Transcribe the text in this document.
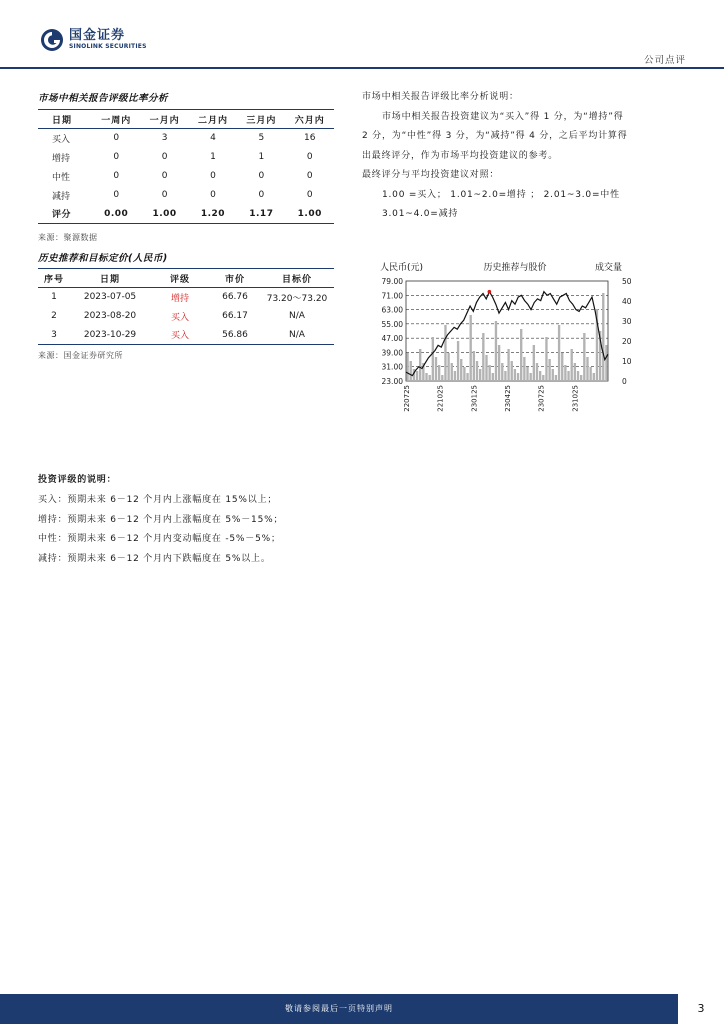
国金证券
SINOLINK SECURITIES
公司点评
市场中相关报告评级比率分析
日期	一周内	一月内	二月内	三月内	六月内
买入	0	3	4	5	16
增持	0	0	1	1	0
中性	0	0	0	0	0
减持	0	0	0	0	0
评分	0.00	1.00	1.20	1.17	1.00
来源：聚源数据

市场中相关报告评级比率分析说明：

市场中相关报告投资建议为“买入”得 1 分，为“增持”得

2 分，为“中性”得 3 分，为“减持”得 4 分，之后平均计算得

出最终评分，作为市场平均投资建议的参考。

最终评分与平均投资建议对照：

1.00 =买入； 1.01~2.0=增持 ； 2.01~3.0=中性

3.01~4.0=减持

历史推荐和目标定价(人民币)
序号	日期	评级	市价	目标价
1	2023-07-05	增持	66.76	73.20～73.20
2	2023-08-20	买入	66.17	N/A
3	2023-10-29	买入	56.86	N/A
来源：国金证券研究所
人民币(元)	历史推荐与股价	成交量
23.00
31.00
39.00
47.00
55.00
63.00
71.00
79.00
0
10
20
30
40
50
220725	221025	230125	230425	230725	231025
投资评级的说明：
买入：预期未来 6－12 个月内上涨幅度在 15%以上；
增持：预期未来 6－12 个月内上涨幅度在 5%－15%；
中性：预期未来 6－12 个月内变动幅度在 -5%－5%；
减持：预期未来 6－12 个月内下跌幅度在 5%以上。
敬请参阅最后一页特别声明	3
